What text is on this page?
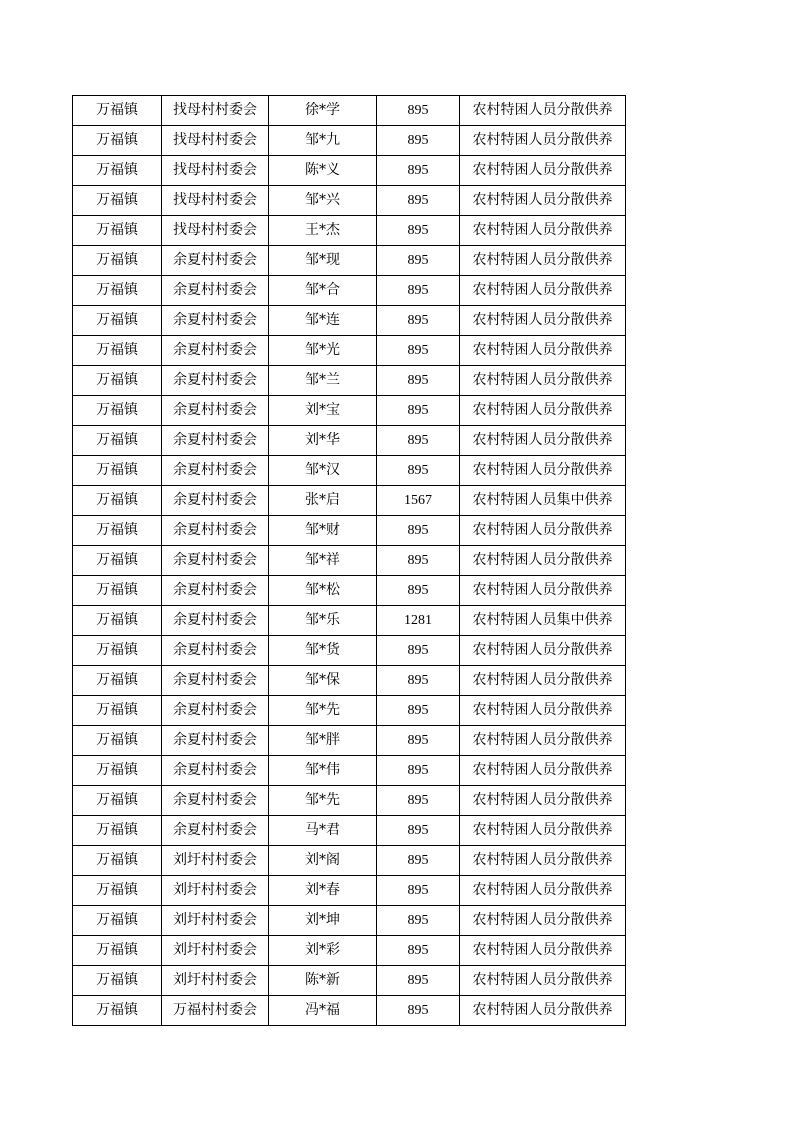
万福镇	找母村村委会	徐*学	895	农村特困人员分散供养
万福镇	找母村村委会	邹*九	895	农村特困人员分散供养
万福镇	找母村村委会	陈*义	895	农村特困人员分散供养
万福镇	找母村村委会	邹*兴	895	农村特困人员分散供养
万福镇	找母村村委会	王*杰	895	农村特困人员分散供养
万福镇	余夏村村委会	邹*现	895	农村特困人员分散供养
万福镇	余夏村村委会	邹*合	895	农村特困人员分散供养
万福镇	余夏村村委会	邹*连	895	农村特困人员分散供养
万福镇	余夏村村委会	邹*光	895	农村特困人员分散供养
万福镇	余夏村村委会	邹*兰	895	农村特困人员分散供养
万福镇	余夏村村委会	刘*宝	895	农村特困人员分散供养
万福镇	余夏村村委会	刘*华	895	农村特困人员分散供养
万福镇	余夏村村委会	邹*汉	895	农村特困人员分散供养
万福镇	余夏村村委会	张*启	1567	农村特困人员集中供养
万福镇	余夏村村委会	邹*财	895	农村特困人员分散供养
万福镇	余夏村村委会	邹*祥	895	农村特困人员分散供养
万福镇	余夏村村委会	邹*松	895	农村特困人员分散供养
万福镇	余夏村村委会	邹*乐	1281	农村特困人员集中供养
万福镇	余夏村村委会	邹*货	895	农村特困人员分散供养
万福镇	余夏村村委会	邹*保	895	农村特困人员分散供养
万福镇	余夏村村委会	邹*先	895	农村特困人员分散供养
万福镇	余夏村村委会	邹*胖	895	农村特困人员分散供养
万福镇	余夏村村委会	邹*伟	895	农村特困人员分散供养
万福镇	余夏村村委会	邹*先	895	农村特困人员分散供养
万福镇	余夏村村委会	马*君	895	农村特困人员分散供养
万福镇	刘圩村村委会	刘*阁	895	农村特困人员分散供养
万福镇	刘圩村村委会	刘*春	895	农村特困人员分散供养
万福镇	刘圩村村委会	刘*坤	895	农村特困人员分散供养
万福镇	刘圩村村委会	刘*彩	895	农村特困人员分散供养
万福镇	刘圩村村委会	陈*新	895	农村特困人员分散供养
万福镇	万福村村委会	冯*福	895	农村特困人员分散供养
